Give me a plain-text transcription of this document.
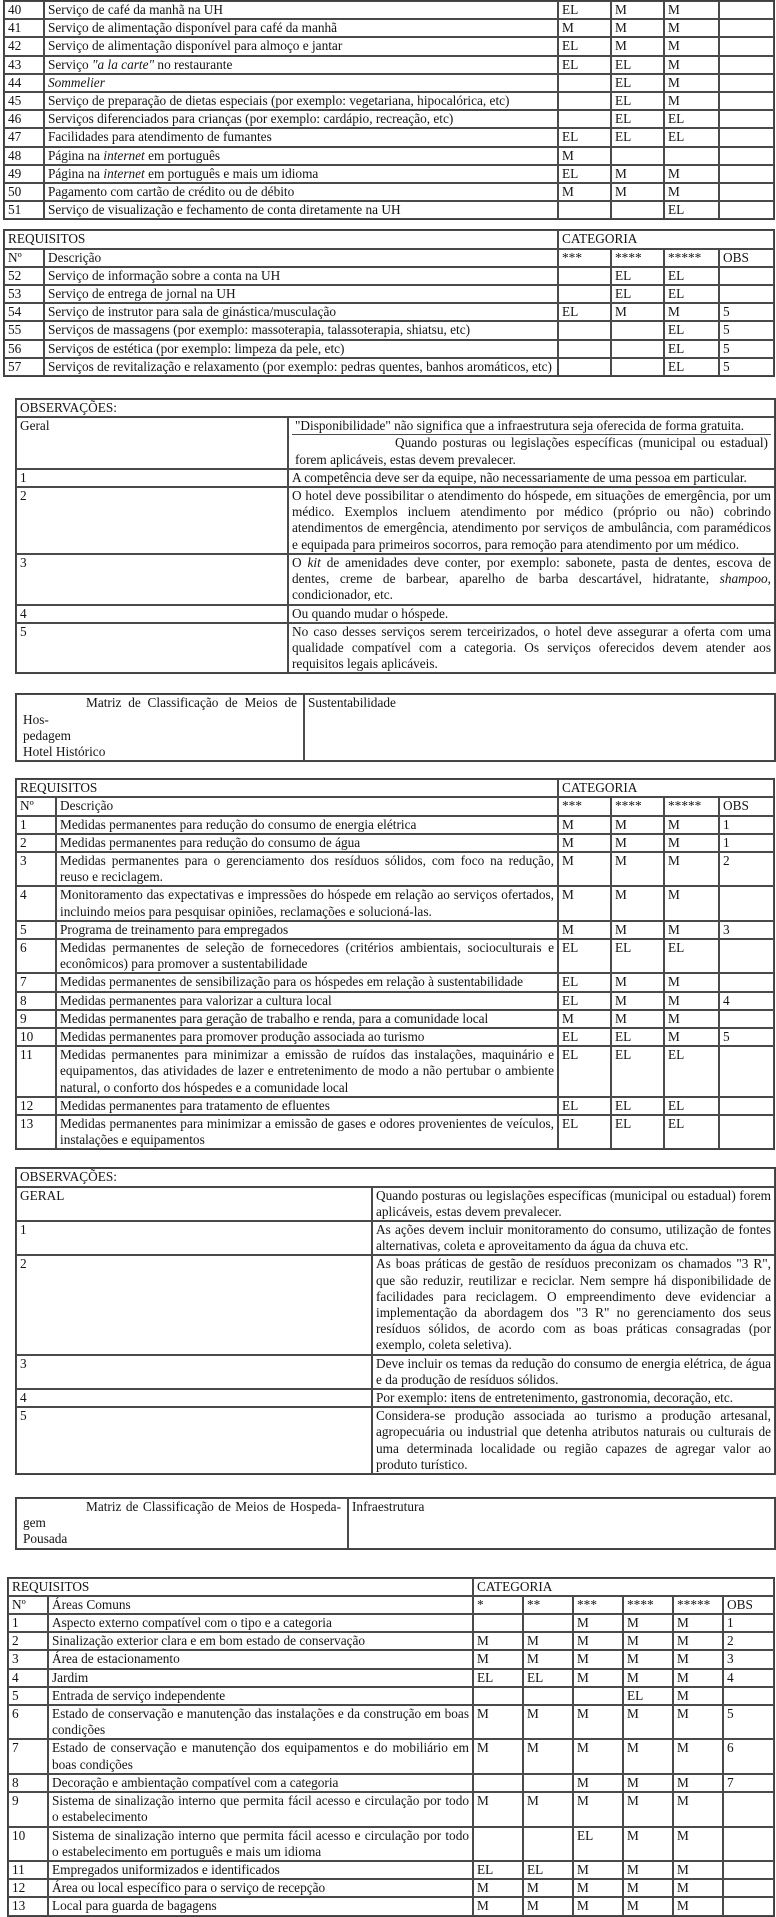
40	Serviço de café da manhã na UH	EL	M	M	
41	Serviço de alimentação disponível para café da manhã	M	M	M	
42	Serviço de alimentação disponível para almoço e jantar	EL	M	M	
43	Serviço "a la carte" no restaurante	EL	EL	M	
44	Sommelier		EL	M	
45	Serviço de preparação de dietas especiais (por exemplo: vegetariana, hipocalórica, etc)		EL	M	
46	Serviços diferenciados para crianças (por exemplo: cardápio, recreação, etc)		EL	EL	
47	Facilidades para atendimento de fumantes	EL	EL	EL	
48	Página na internet em português	M			
49	Página na internet em português e mais um idioma	EL	M	M	
50	Pagamento com cartão de crédito ou de débito	M	M	M	
51	Serviço de visualização e fechamento de conta diretamente na UH			EL	
REQUISITOS		CATEGORIA			
Nº	Descrição	***	****	*****	OBS
52	Serviço de informação sobre a conta na UH		EL	EL	
53	Serviço de entrega de jornal na UH		EL	EL	
54	Serviço de instrutor para sala de ginástica/musculação	EL	M	M	5
55	Serviços de massagens (por exemplo: massoterapia, talassoterapia, shiatsu, etc)			EL	5
56	Serviços de estética (por exemplo: limpeza da pele, etc)			EL	5
57	Serviços de revitalização e relaxamento (por exemplo: pedras quentes, banhos aromáticos, etc)			EL	5
OBSERVAÇÕES:	
Geral	"Disponibilidade" não significa que a infraestrutura seja oferecida de forma gratuita.
Quando posturas ou legislações específicas (municipal ou estadual) forem aplicáveis, estas devem prevalecer.

1	A competência deve ser da equipe, não necessariamente de uma pessoa em particular.
2	O hotel deve possibilitar o atendimento do hóspede, em situações de emergência, por um médico. Exemplos incluem atendimento por médico (próprio ou não) cobrindo atendimentos de emergência, atendimento por serviços de ambulância, com paramédicos e equipada para primeiros socorros, para remoção para atendimento por um médico.
3	O kit de amenidades deve conter, por exemplo: sabonete, pasta de dentes, escova de dentes, creme de barbear, aparelho de barba descartável, hidratante, shampoo, condicionador, etc.
4	Ou quando mudar o hóspede.
5	No caso desses serviços serem terceirizados, o hotel deve assegurar a oferta com uma qualidade compatível com a categoria. Os serviços oferecidos devem atender aos requisitos legais aplicáveis.
Matriz de Classificação de Meios de Hos-
pedagem
Hotel Histórico
	Sustentabilidade
REQUISITOS		CATEGORIA			
Nº	Descrição	***	****	*****	OBS
1	Medidas permanentes para redução do consumo de energia elétrica	M	M	M	1
2	Medidas permanentes para redução do consumo de água	M	M	M	1
3	Medidas permanentes para o gerenciamento dos resíduos sólidos, com foco na redução, reuso e reciclagem.	M	M	M	2
4	Monitoramento das expectativas e impressões do hóspede em relação ao serviços ofertados, incluindo meios para pesquisar opiniões, reclamações e solucioná-las.	M	M	M	
5	Programa de treinamento para empregados	M	M	M	3
6	Medidas permanentes de seleção de fornecedores (critérios ambientais, socioculturais e econômicos) para promover a sustentabilidade	EL	EL	EL	
7	Medidas permanentes de sensibilização para os hóspedes em relação à sustentabilidade	EL	M	M	
8	Medidas permanentes para valorizar a cultura local	EL	M	M	4
9	Medidas permanentes para geração de trabalho e renda, para a comunidade local	M	M	M	
10	Medidas permanentes para promover produção associada ao turismo	EL	EL	M	5
11	Medidas permanentes para minimizar a emissão de ruídos das instalações, maquinário e equipamentos, das atividades de lazer e entretenimento de modo a não pertubar o ambiente natural, o conforto dos hóspedes e a comunidade local	EL	EL	EL	
12	Medidas permanentes para tratamento de efluentes	EL	EL	EL	
13	Medidas permanentes para minimizar a emissão de gases e odores provenientes de veículos, instalações e equipamentos	EL	EL	EL	
OBSERVAÇÕES:	
GERAL	Quando posturas ou legislações específicas (municipal ou estadual) forem aplicáveis, estas devem prevalecer.
1	As ações devem incluir monitoramento do consumo, utilização de fontes alternativas, coleta e aproveitamento da água da chuva etc.
2	As boas práticas de gestão de resíduos preconizam os chamados "3 R", que são reduzir, reutilizar e reciclar. Nem sempre há disponibilidade de facilidades para reciclagem. O empreendimento deve evidenciar a implementação da abordagem dos "3 R" no gerenciamento dos seus resíduos sólidos, de acordo com as boas práticas consagradas (por exemplo, coleta seletiva).
3	Deve incluir os temas da redução do consumo de energia elétrica, de água e da produção de resíduos sólidos.
4	Por exemplo: itens de entretenimento, gastronomia, decoração, etc.
5	Considera-se produção associada ao turismo a produção artesanal, agropecuária ou industrial que detenha atributos naturais ou culturais de uma determinada localidade ou região capazes de agregar valor ao produto turístico.
Matriz de Classificação de Meios de Hospeda-
gem
Pousada
	Infraestrutura
REQUISITOS		CATEGORIA					
Nº	Áreas Comuns	*	**	***	****	*****	OBS
1	Aspecto externo compatível com o tipo e a categoria			M	M	M	1
2	Sinalização exterior clara e em bom estado de conservação	M	M	M	M	M	2
3	Área de estacionamento	M	M	M	M	M	3
4	Jardim	EL	EL	M	M	M	4
5	Entrada de serviço independente				EL	M	
6	Estado de conservação e manutenção das instalações e da construção em boas condições	M	M	M	M	M	5
7	Estado de conservação e manutenção dos equipamentos e do mobiliário em boas condições	M	M	M	M	M	6
8	Decoração e ambientação compatível com a categoria			M	M	M	7
9	Sistema de sinalização interno que permita fácil acesso e circulação por todo o estabelecimento	M	M	M	M	M	
10	Sistema de sinalização interno que permita fácil acesso e circulação por todo o estabelecimento em português e mais um idioma			EL	M	M	
11	Empregados uniformizados e identificados	EL	EL	M	M	M	
12	Área ou local específico para o serviço de recepção	M	M	M	M	M	
13	Local para guarda de bagagens	M	M	M	M	M	
